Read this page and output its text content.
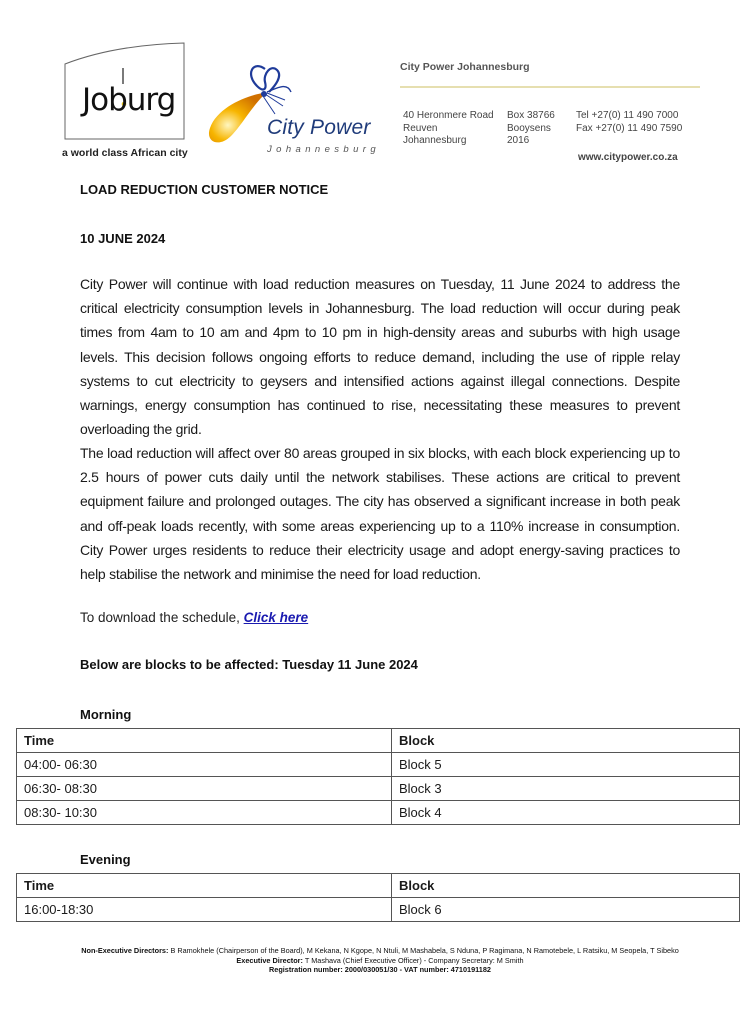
Joburg
a world class African city
City Power
Johannesburg
City Power Johannesburg
40 Heronmere Road
Reuven
Johannesburg
Box 38766
Booysens
2016
Tel +27(0) 11 490 7000
Fax +27(0) 11 490 7590
www.citypower.co.za
LOAD REDUCTION CUSTOMER NOTICE
10 JUNE 2024

City Power will continue with load reduction measures on Tuesday, 11 June 2024 to address the critical electricity consumption levels in Johannesburg. The load reduction will occur during peak times from 4am to 10 am and 4pm to 10 pm in high-density areas and suburbs with high usage levels. This decision follows ongoing efforts to reduce demand, including the use of ripple relay systems to cut electricity to geysers and intensified actions against illegal connections. Despite warnings, energy consumption has continued to rise, necessitating these measures to prevent overloading the grid.

The load reduction will affect over 80 areas grouped in six blocks, with each block experiencing up to 2.5 hours of power cuts daily until the network stabilises. These actions are critical to prevent equipment failure and prolonged outages. The city has observed a significant increase in both peak and off-peak loads recently, with some areas experiencing up to a 110% increase in consumption. City Power urges residents to reduce their electricity usage and adopt energy-saving practices to help stabilise the network and minimise the need for load reduction.

To download the schedule, Click here
Below are blocks to be affected: Tuesday 11 June 2024
Morning
Time	Block
04:00- 06:30	Block 5
06:30- 08:30	Block 3
08:30- 10:30	Block 4
Evening
Time	Block
16:00-18:30	Block 6
Non-Executive Directors: B Ramokhele (Chairperson of the Board), M Kekana, N Kgope, N Ntuli, M Mashabela, S Nduna, P Ragimana, N Ramotebele, L Ratsiku, M Seopela, T Sibeko
Executive Director: T Mashava (Chief Executive Officer) - Company Secretary: M Smith
Registration number: 2000/030051/30 - VAT number: 4710191182
